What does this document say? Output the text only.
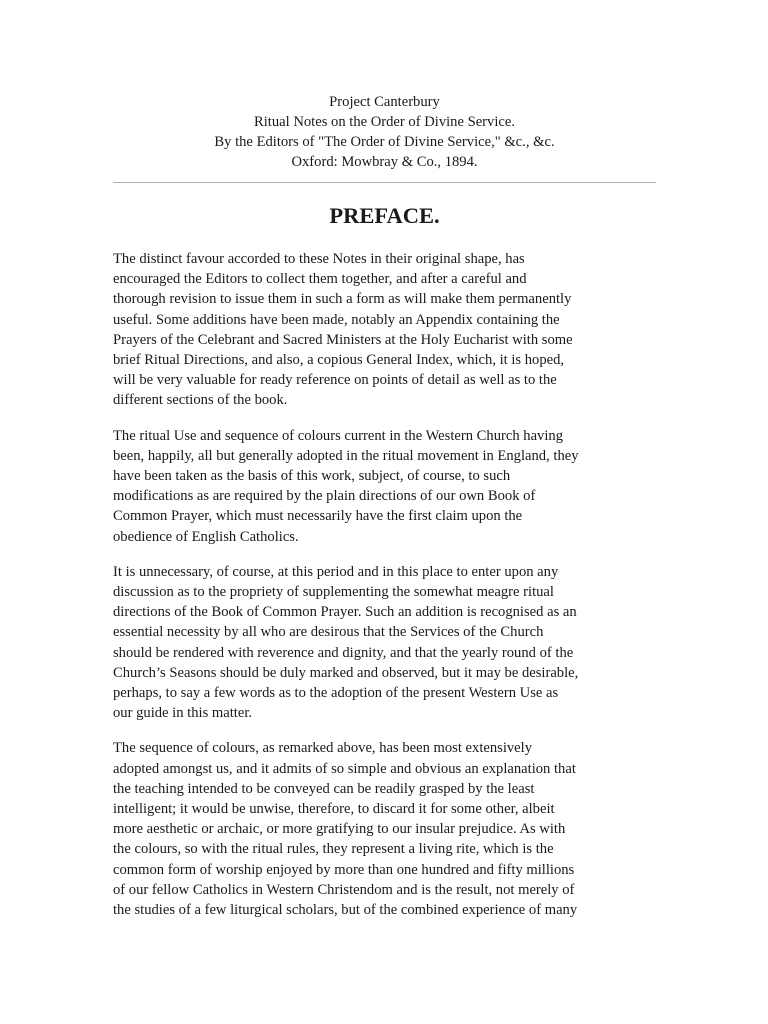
Project Canterbury
Ritual Notes on the Order of Divine Service.
By the Editors of "The Order of Divine Service," &c., &c.
Oxford: Mowbray & Co., 1894.
PREFACE.
The distinct favour accorded to these Notes in their original shape, has
encouraged the Editors to collect them together, and after a careful and
thorough revision to issue them in such a form as will make them permanently
useful. Some additions have been made, notably an Appendix containing the
Prayers of the Celebrant and Sacred Ministers at the Holy Eucharist with some
brief Ritual Directions, and also, a copious General Index, which, it is hoped,
will be very valuable for ready reference on points of detail as well as to the
different sections of the book.
The ritual Use and sequence of colours current in the Western Church having
been, happily, all but generally adopted in the ritual movement in England, they
have been taken as the basis of this work, subject, of course, to such
modifications as are required by the plain directions of our own Book of
Common Prayer, which must necessarily have the first claim upon the
obedience of English Catholics.
It is unnecessary, of course, at this period and in this place to enter upon any
discussion as to the propriety of supplementing the somewhat meagre ritual
directions of the Book of Common Prayer. Such an addition is recognised as an
essential necessity by all who are desirous that the Services of the Church
should be rendered with reverence and dignity, and that the yearly round of the
Church’s Seasons should be duly marked and observed, but it may be desirable,
perhaps, to say a few words as to the adoption of the present Western Use as
our guide in this matter.
The sequence of colours, as remarked above, has been most extensively
adopted amongst us, and it admits of so simple and obvious an explanation that
the teaching intended to be conveyed can be readily grasped by the least
intelligent; it would be unwise, therefore, to discard it for some other, albeit
more aesthetic or archaic, or more gratifying to our insular prejudice. As with
the colours, so with the ritual rules, they represent a living rite, which is the
common form of worship enjoyed by more than one hundred and fifty millions
of our fellow Catholics in Western Christendom and is the result, not merely of
the studies of a few liturgical scholars, but of the combined experience of many
